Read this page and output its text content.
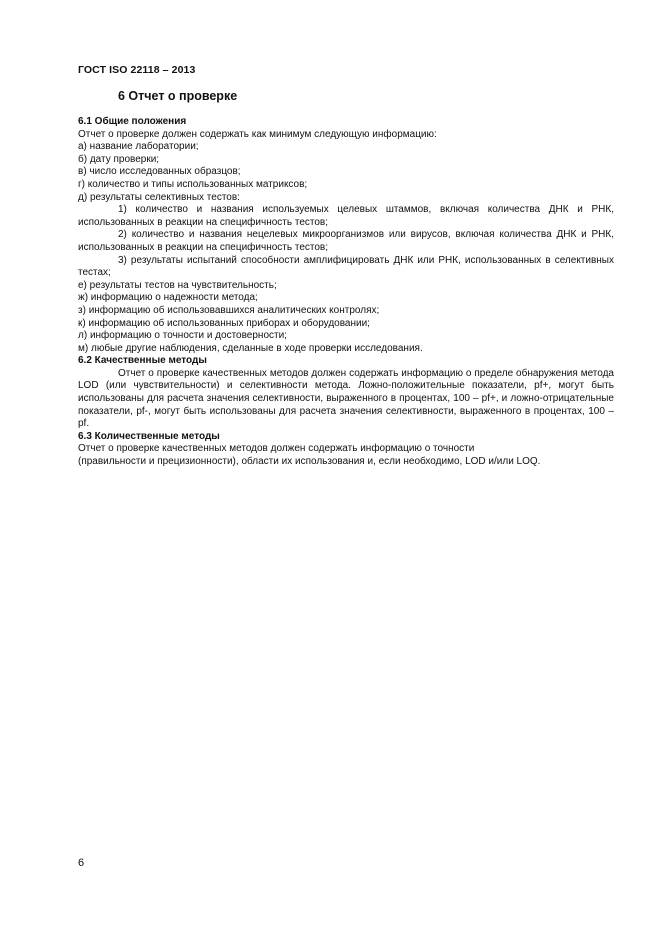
ГОСТ ISO 22118 – 2013
6 Отчет о проверке
6.1 Общие положения
Отчет о проверке должен содержать как минимум следующую информацию:
а) название лаборатории;
б) дату проверки;
в) число исследованных образцов;
г) количество и типы использованных матриксов;
д) результаты селективных тестов:

1) количество и названия используемых целевых штаммов, включая количества ДНК и РНК, использованных в реакции на специфичность тестов;

2) количество и названия нецелевых микроорганизмов или вирусов, включая количества ДНК и РНК, использованных в реакции на специфичность тестов;

3) результаты испытаний способности амплифицировать ДНК или РНК, использованных в селективных тестах;

е) результаты тестов на чувствительность;
ж) информацию о надежности метода;
з) информацию об использовавшихся аналитических контролях;
к) информацию об использованных приборах и оборудовании;
л) информацию о точности и достоверности;
м) любые другие наблюдения, сделанные в ходе проверки исследования.
6.2 Качественные методы

Отчет о проверке качественных методов должен содержать информацию о пределе обнаружения метода LOD (или чувствительности) и селективности метода. Ложно-положительные показатели, pf+, могут быть использованы для расчета значения селективности, выраженного в процентах, 100 – pf+, и ложно-отрицательные показатели, pf-, могут быть использованы для расчета значения селективности, выраженного в процентах, 100 – pf.

6.3 Количественные методы
Отчет о проверке качественных методов должен содержать информацию о точности
(правильности и прецизионности), области их использования и, если необходимо, LOD и/или LOQ.
6
